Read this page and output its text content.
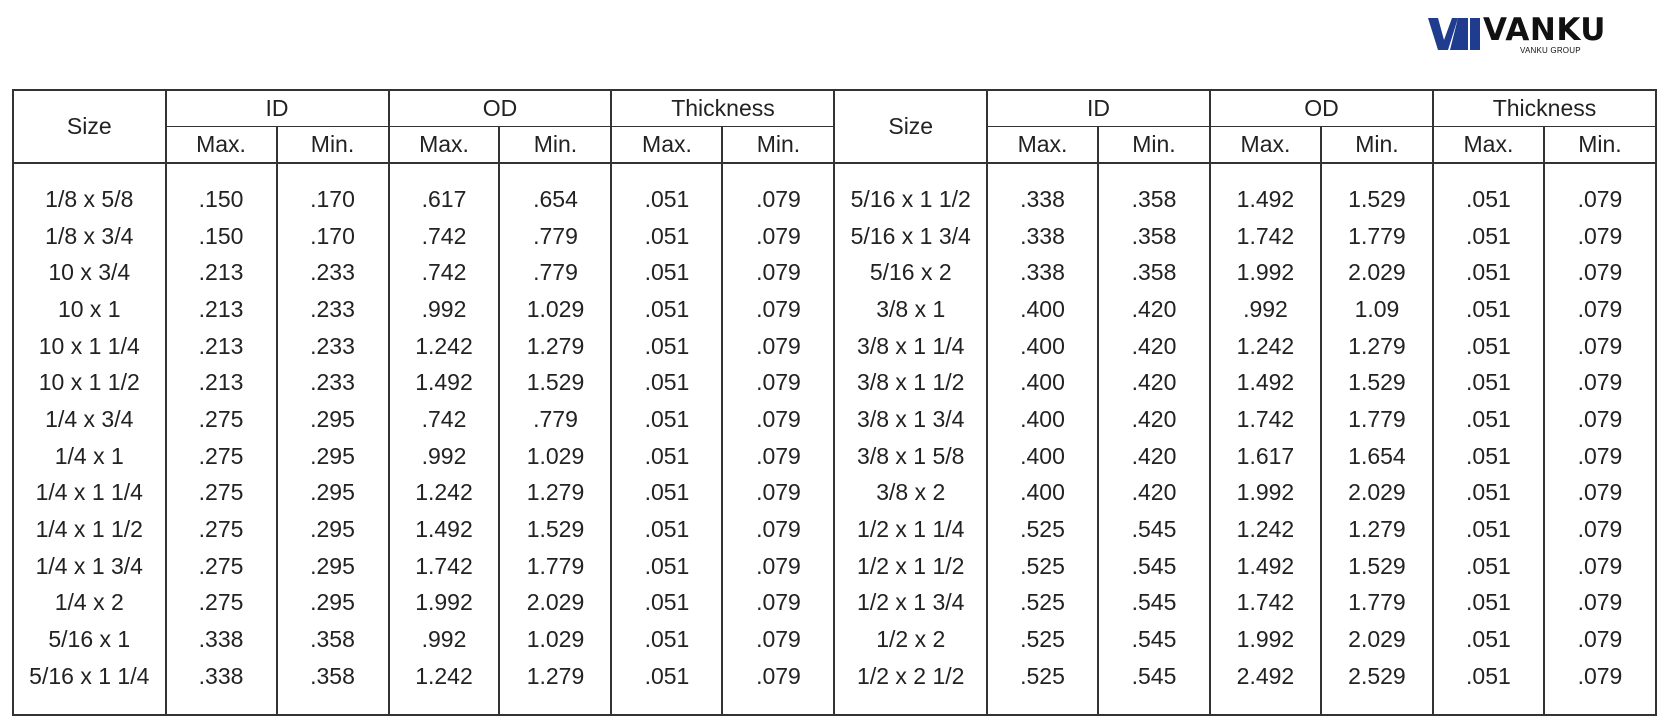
VANKU
VANKU GROUP
Size	ID		OD		Thickness		Size	ID		OD		Thickness	
	Max.	Min.	Max.	Min.	Max.	Min.		Max.	Min.	Max.	Min.	Max.	Min.

1/8 x 5/8	.150	.170	.617	.654	.051	.079	5/16 x 1 1/2	.338	.358	1.492	1.529	.051	.079
1/8 x 3/4	.150	.170	.742	.779	.051	.079	5/16 x 1 3/4	.338	.358	1.742	1.779	.051	.079
10 x 3/4	.213	.233	.742	.779	.051	.079	5/16 x 2	.338	.358	1.992	2.029	.051	.079
10 x 1	.213	.233	.992	1.029	.051	.079	3/8 x 1	.400	.420	.992	1.09	.051	.079
10 x 1 1/4	.213	.233	1.242	1.279	.051	.079	3/8 x 1 1/4	.400	.420	1.242	1.279	.051	.079
10 x 1 1/2	.213	.233	1.492	1.529	.051	.079	3/8 x 1 1/2	.400	.420	1.492	1.529	.051	.079
1/4 x 3/4	.275	.295	.742	.779	.051	.079	3/8 x 1 3/4	.400	.420	1.742	1.779	.051	.079
1/4 x 1	.275	.295	.992	1.029	.051	.079	3/8 x 1 5/8	.400	.420	1.617	1.654	.051	.079
1/4 x 1 1/4	.275	.295	1.242	1.279	.051	.079	3/8 x 2	.400	.420	1.992	2.029	.051	.079
1/4 x 1 1/2	.275	.295	1.492	1.529	.051	.079	1/2 x 1 1/4	.525	.545	1.242	1.279	.051	.079
1/4 x 1 3/4	.275	.295	1.742	1.779	.051	.079	1/2 x 1 1/2	.525	.545	1.492	1.529	.051	.079
1/4 x 2	.275	.295	1.992	2.029	.051	.079	1/2 x 1 3/4	.525	.545	1.742	1.779	.051	.079
5/16 x 1	.338	.358	.992	1.029	.051	.079	1/2 x 2	.525	.545	1.992	2.029	.051	.079
5/16 x 1 1/4	.338	.358	1.242	1.279	.051	.079	1/2 x 2 1/2	.525	.545	2.492	2.529	.051	.079
